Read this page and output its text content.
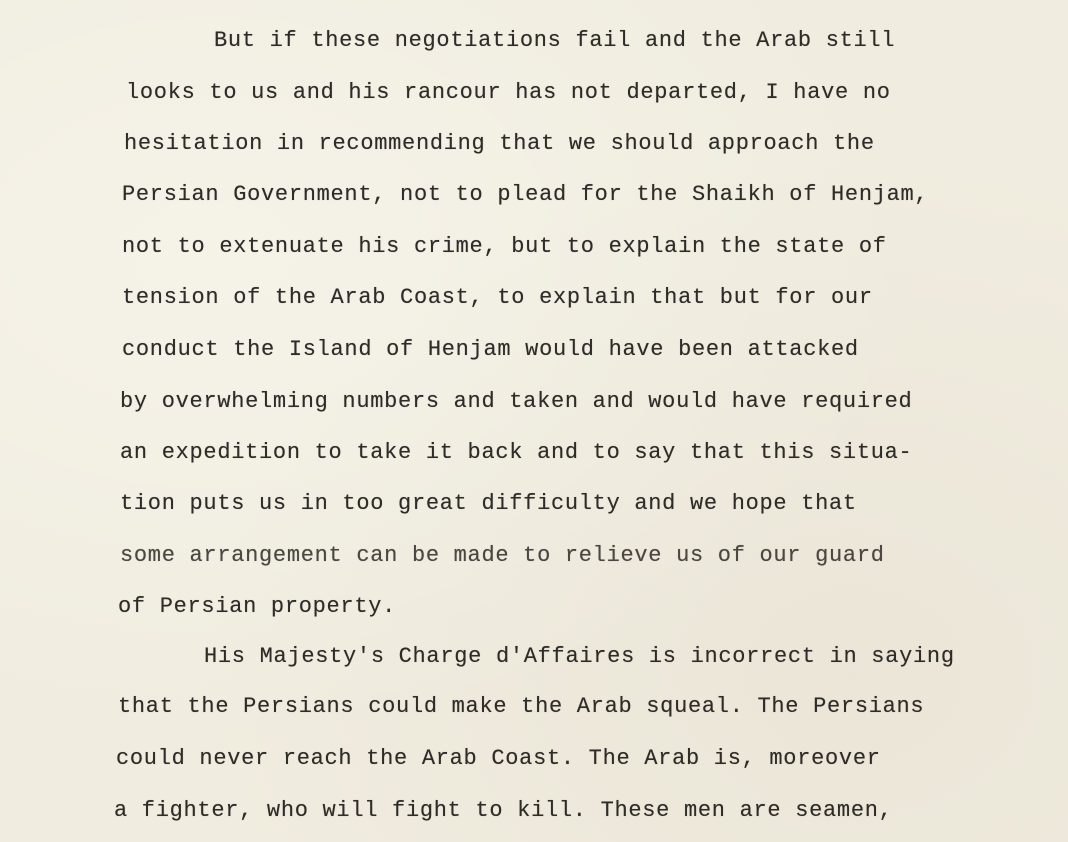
But if these negotiations fail and the Arab still
looks to us and his rancour has not departed, I have no
hesitation in recommending that we should approach the
Persian Government, not to plead for the Shaikh of Henjam,
not to extenuate his crime, but to explain the state of
tension of the Arab Coast, to explain that but for our
conduct the Island of Henjam would have been attacked
by overwhelming numbers and taken and would have required
an expedition to take it back and to say that this situa-
tion puts us in too great difficulty and we hope that
some arrangement can be made to relieve us of our guard
of Persian property.
His Majesty's Charge d'Affaires is incorrect in saying
that the Persians could make the Arab squeal. The Persians
could never reach the Arab Coast. The Arab is, moreover
a fighter, who will fight to kill. These men are seamen,
